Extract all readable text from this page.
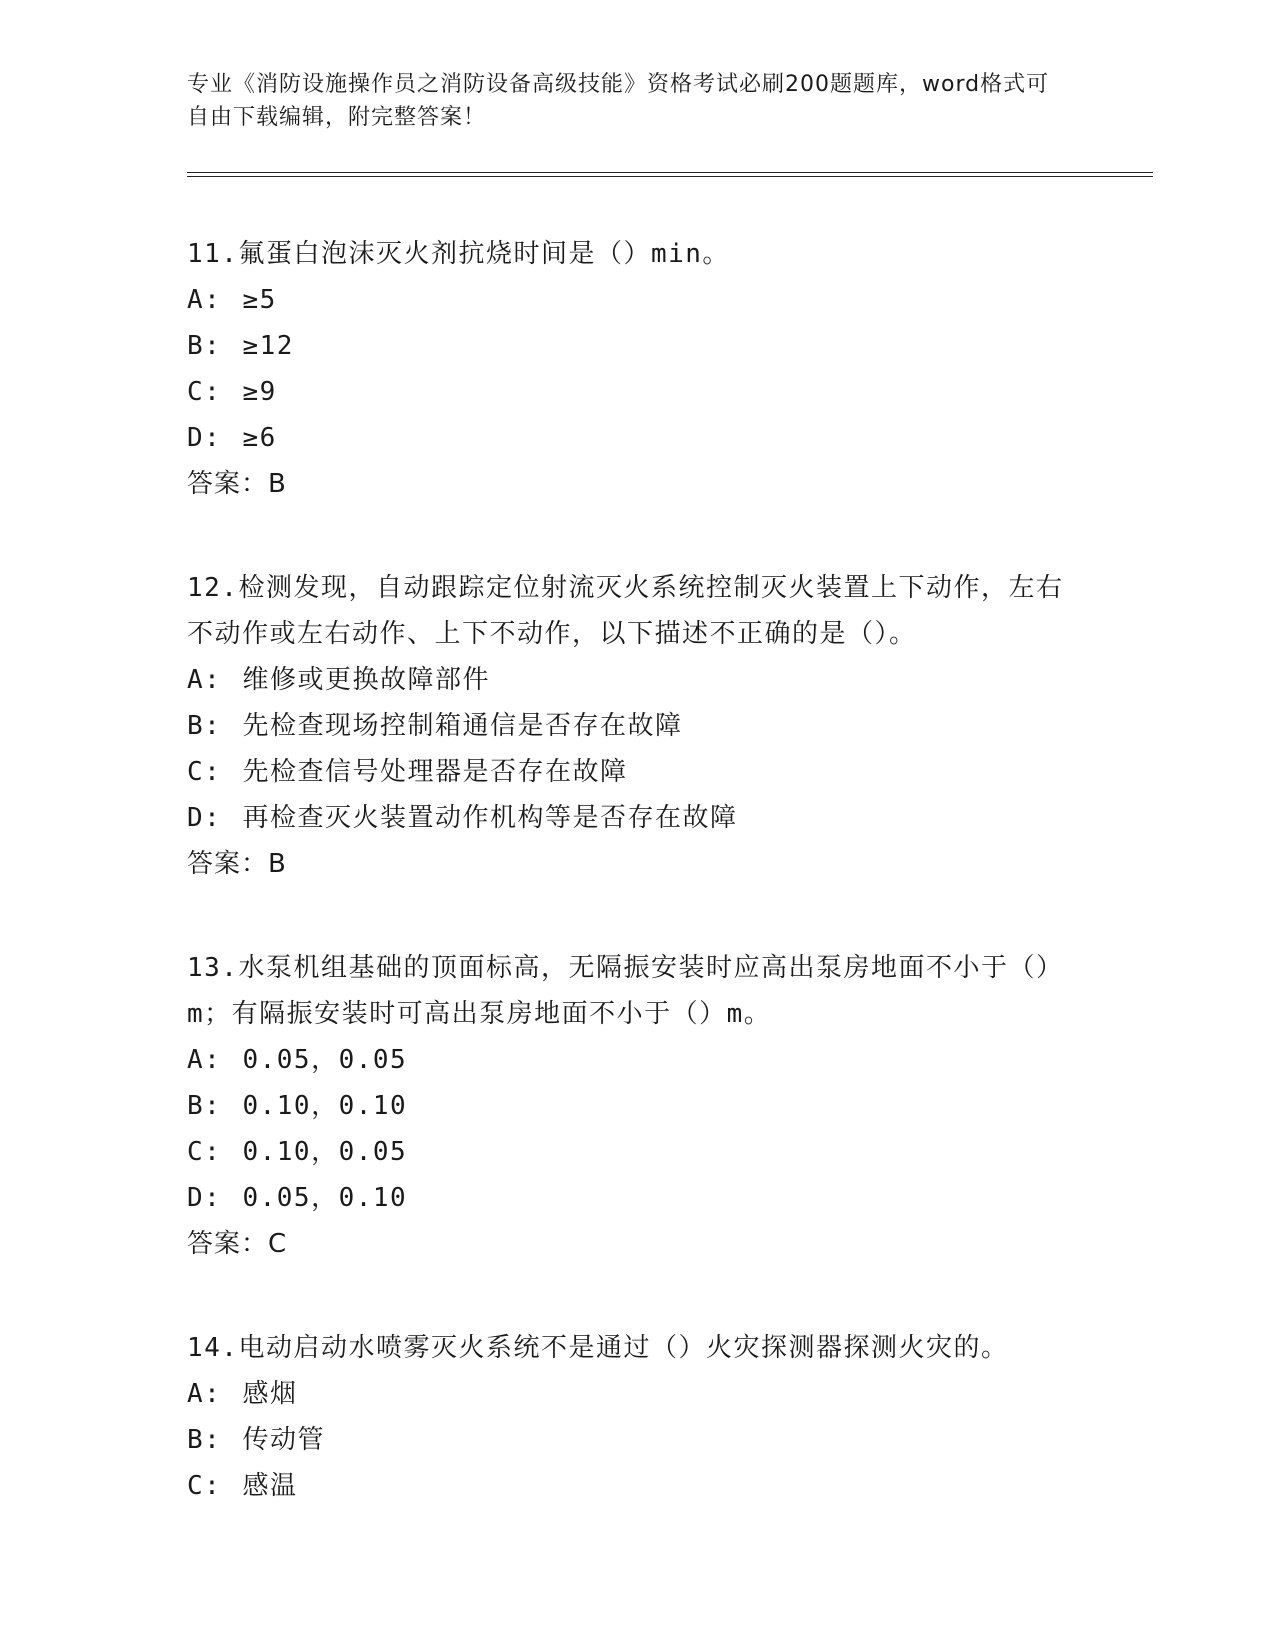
专业《消防设施操作员之消防设备高级技能》资格考试必刷200题题库，word格式可自由下载编辑，附完整答案！

11.氟蛋白泡沫灭火剂抗烧时间是（）min。

A: ≥5

B: ≥12

C: ≥9

D: ≥6

答案：B

12.检测发现，自动跟踪定位射流灭火系统控制灭火装置上下动作，左右不动作或左右动作、上下不动作，以下描述不正确的是（）。

A: 维修或更换故障部件

B: 先检查现场控制箱通信是否存在故障

C: 先检查信号处理器是否存在故障

D: 再检查灭火装置动作机构等是否存在故障

答案：B

13.水泵机组基础的顶面标高，无隔振安装时应高出泵房地面不小于（）m；有隔振安装时可高出泵房地面不小于（）m。

A: 0.05，0.05

B: 0.10，0.10

C: 0.10，0.05

D: 0.05，0.10

答案：C

14.电动启动水喷雾灭火系统不是通过（）火灾探测器探测火灾的。

A: 感烟

B: 传动管

C: 感温
